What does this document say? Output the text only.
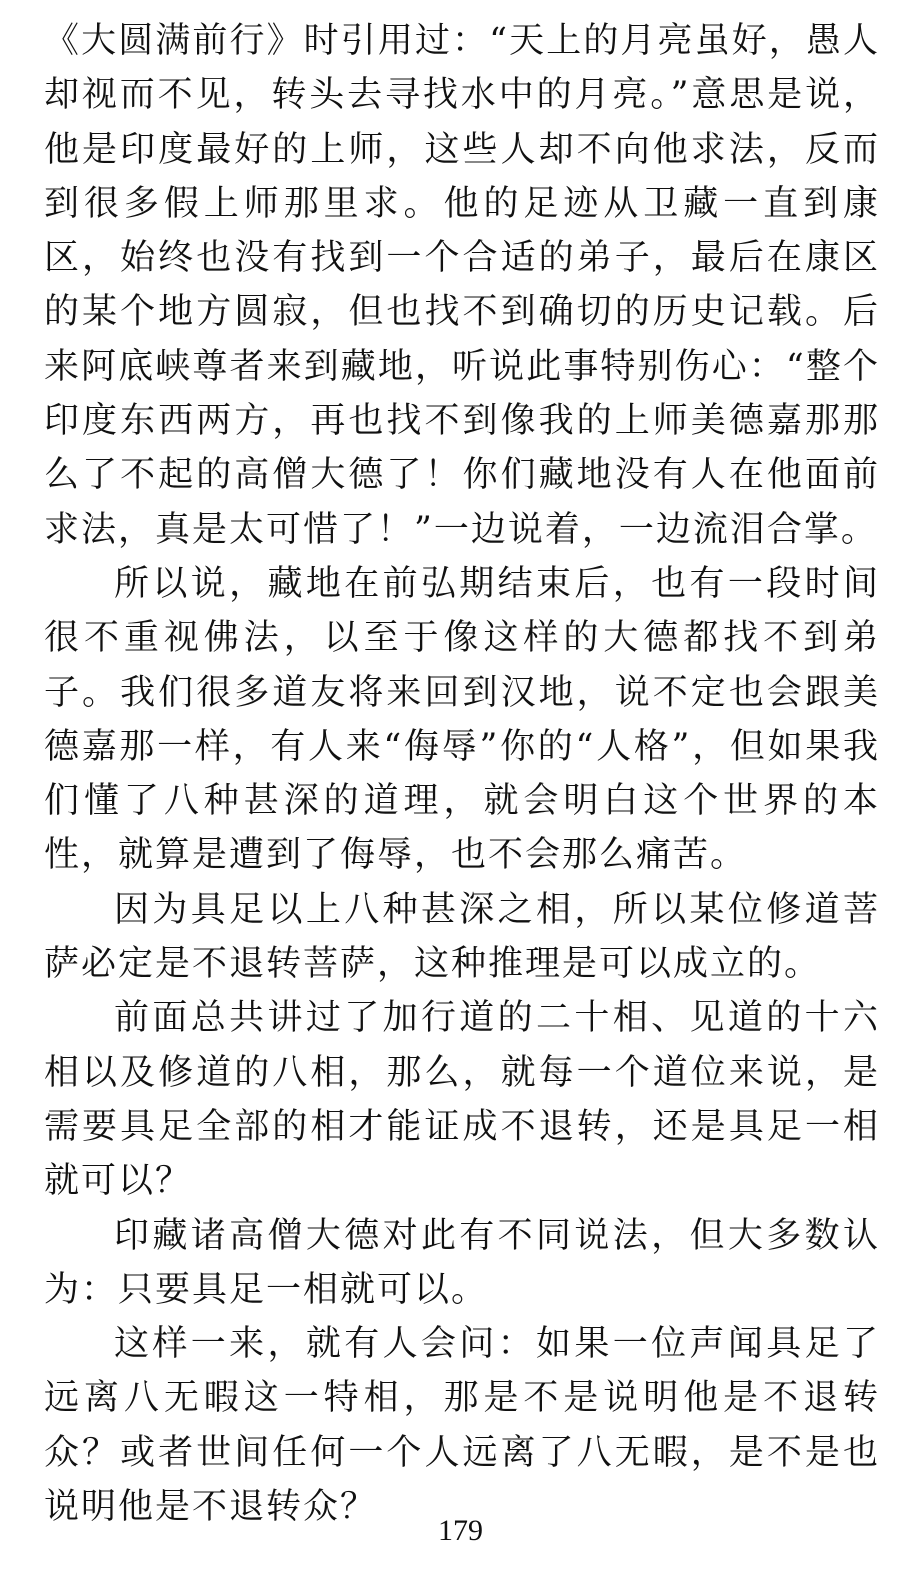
《大圆满前行》时引用过：“天上的月亮虽好，愚人却视而不见，转头去寻找水中的月亮。”意思是说，他是印度最好的上师，这些人却不向他求法，反而到很多假上师那里求。他的足迹从卫藏一直到康区，始终也没有找到一个合适的弟子，最后在康区的某个地方圆寂，但也找不到确切的历史记载。后来阿底峡尊者来到藏地，听说此事特别伤心：“整个印度东西两方，再也找不到像我的上师美德嘉那那么了不起的高僧大德了！你们藏地没有人在他面前求法，真是太可惜了！”一边说着，一边流泪合掌。

所以说，藏地在前弘期结束后，也有一段时间很不重视佛法，以至于像这样的大德都找不到弟子。我们很多道友将来回到汉地，说不定也会跟美德嘉那一样，有人来“侮辱”你的“人格”，但如果我们懂了八种甚深的道理，就会明白这个世界的本性，就算是遭到了侮辱，也不会那么痛苦。

因为具足以上八种甚深之相，所以某位修道菩萨必定是不退转菩萨，这种推理是可以成立的。

前面总共讲过了加行道的二十相、见道的十六相以及修道的八相，那么，就每一个道位来说，是需要具足全部的相才能证成不退转，还是具足一相就可以？

印藏诸高僧大德对此有不同说法，但大多数认为：只要具足一相就可以。

这样一来，就有人会问：如果一位声闻具足了远离八无暇这一特相，那是不是说明他是不退转众？或者世间任何一个人远离了八无暇，是不是也说明他是不退转众？

179
